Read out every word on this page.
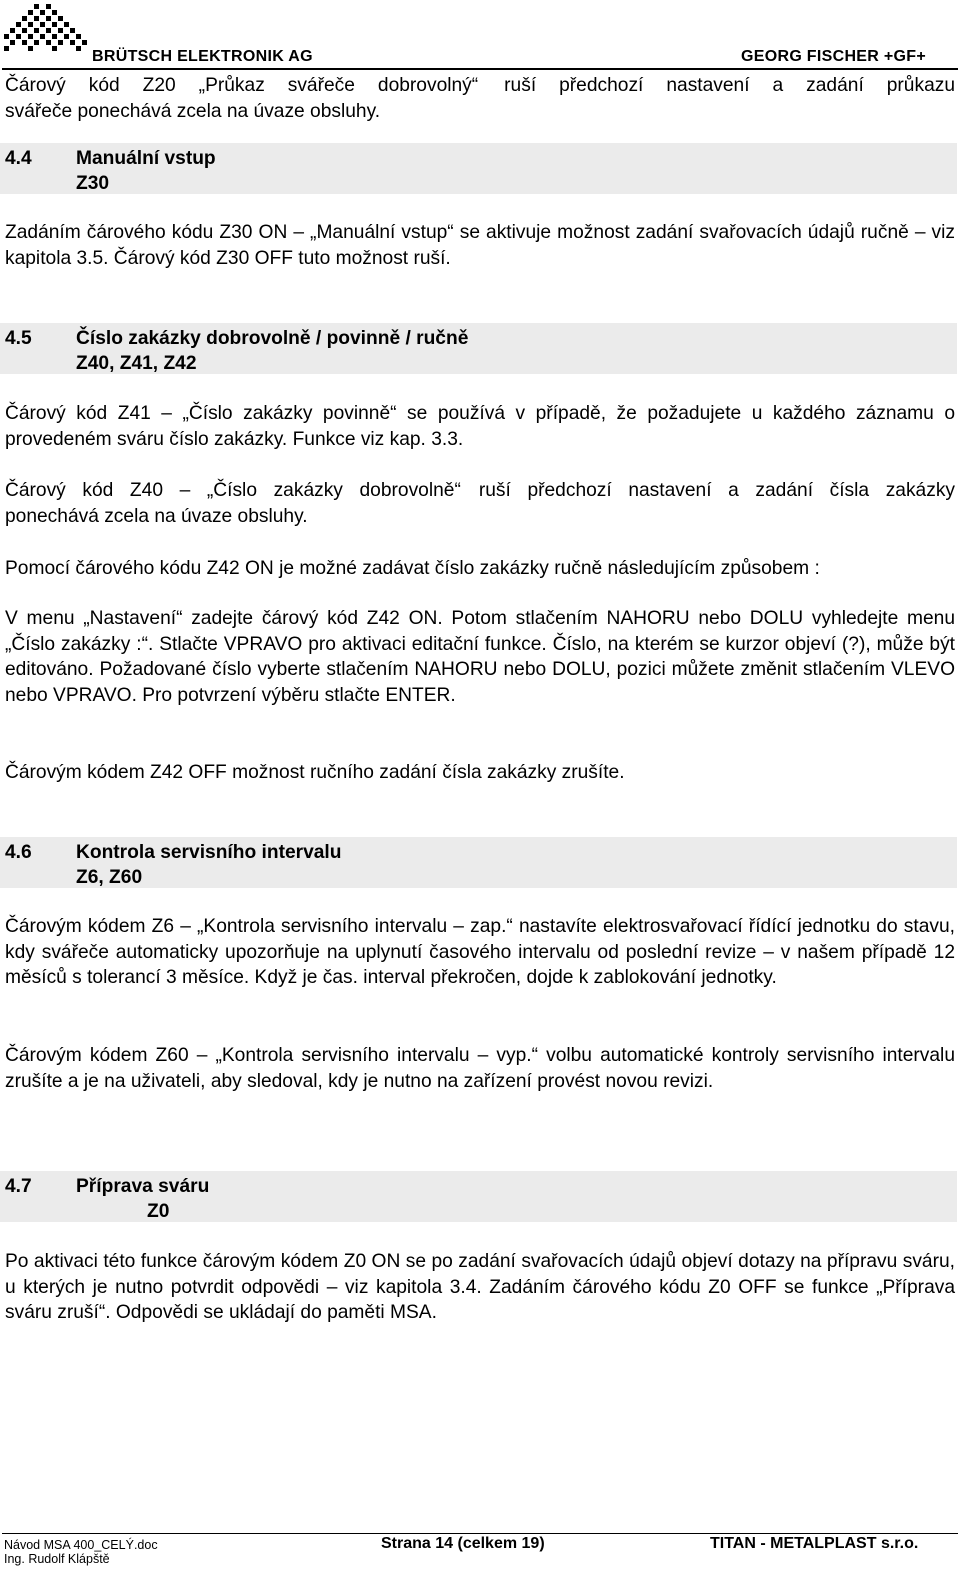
BRÜTSCH ELEKTRONIK AG	GEORG FISCHER +GF+
Čárový kód Z20 „Průkaz svářeče dobrovolný“ ruší předchozí nastavení a zadání průkazu
svářeče ponechává zcela na úvaze obsluhy.
4.4 Manuální vstup
Z30
Zadáním čárového kódu Z30 ON – „Manuální vstup“ se aktivuje možnost zadání svařovacích údajů ručně – viz kapitola 3.5. Čárový kód Z30 OFF tuto možnost ruší.
4.5 Číslo zakázky dobrovolně / povinně / ručně
Z40, Z41, Z42
Čárový kód Z41 – „Číslo zakázky povinně“ se používá v případě, že požadujete u každého záznamu o provedeném sváru číslo zakázky. Funkce viz kap. 3.3.
Čárový kód Z40 – „Číslo zakázky dobrovolně“ ruší předchozí nastavení a zadání čísla zakázky
ponechává zcela na úvaze obsluhy.
Pomocí čárového kódu Z42 ON je možné zadávat číslo zakázky ručně následujícím způsobem :
V menu „Nastavení“ zadejte čárový kód Z42 ON. Potom stlačením NAHORU nebo DOLU vyhledejte menu „Číslo zakázky :“. Stlačte VPRAVO pro aktivaci editační funkce. Číslo, na kterém se kurzor objeví (?), může být editováno. Požadované číslo vyberte stlačením NAHORU nebo DOLU, pozici můžete změnit stlačením VLEVO nebo VPRAVO. Pro potvrzení výběru stlačte ENTER.
Čárovým kódem Z42 OFF možnost ručního zadání čísla zakázky zrušíte.
4.6 Kontrola servisního intervalu
Z6, Z60
Čárovým kódem Z6 – „Kontrola servisního intervalu – zap.“ nastavíte elektrosvařovací řídící jednotku do stavu, kdy svářeče automaticky upozorňuje na uplynutí časového intervalu od poslední revize – v našem případě 12 měsíců s tolerancí 3 měsíce. Když je čas. interval překročen, dojde k zablokování jednotky.
Čárovým kódem Z60 – „Kontrola servisního intervalu – vyp.“ volbu automatické kontroly servisního intervalu zrušíte a je na uživateli, aby sledoval, kdy je nutno na zařízení provést novou revizi.
4.7 Příprava sváru
Z0
Po aktivaci této funkce čárovým kódem Z0 ON se po zadání svařovacích údajů objeví dotazy na přípravu sváru, u kterých je nutno potvrdit odpovědi – viz kapitola 3.4. Zadáním čárového kódu Z0 OFF se funkce „Příprava sváru zruší“. Odpovědi se ukládají do paměti MSA.
Návod MSA 400_CELÝ.doc
Ing. Rudolf Klápště
Strana 14 (celkem 19)	TITAN - METALPLAST s.r.o.
